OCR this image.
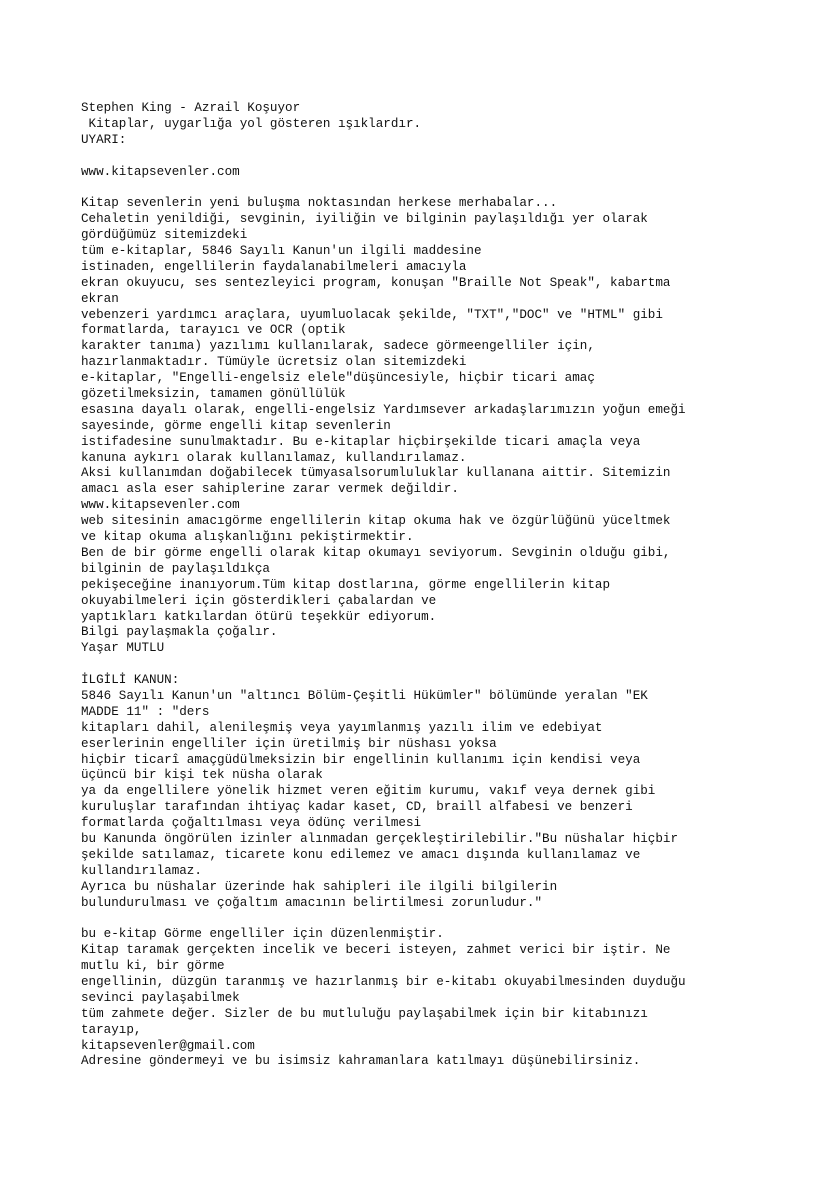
Stephen King - Azrail Koşuyor
Kitaplar, uygarlığa yol gösteren ışıklardır.
UYARI:
www.kitapsevenler.com
Kitap sevenlerin yeni buluşma noktasından herkese merhabalar...
Cehaletin yenildiği, sevginin, iyiliğin ve bilginin paylaşıldığı yer olarak
gördüğümüz sitemizdeki
tüm e-kitaplar, 5846 Sayılı Kanun'un ilgili maddesine
istinaden, engellilerin faydalanabilmeleri amacıyla
ekran okuyucu, ses sentezleyici program, konuşan "Braille Not Speak", kabartma
ekran
vebenzeri yardımcı araçlara, uyumluolacak şekilde, "TXT","DOC" ve "HTML" gibi
formatlarda, tarayıcı ve OCR (optik
karakter tanıma) yazılımı kullanılarak, sadece görmeengelliler için,
hazırlanmaktadır. Tümüyle ücretsiz olan sitemizdeki
e-kitaplar, "Engelli-engelsiz elele"düşüncesiyle, hiçbir ticari amaç
gözetilmeksizin, tamamen gönüllülük
esasına dayalı olarak, engelli-engelsiz Yardımsever arkadaşlarımızın yoğun emeği
sayesinde, görme engelli kitap sevenlerin
istifadesine sunulmaktadır. Bu e-kitaplar hiçbirşekilde ticari amaçla veya
kanuna aykırı olarak kullanılamaz, kullandırılamaz.
Aksi kullanımdan doğabilecek tümyasalsorumluluklar kullanana aittir. Sitemizin
amacı asla eser sahiplerine zarar vermek değildir.
www.kitapsevenler.com
web sitesinin amacıgörme engellilerin kitap okuma hak ve özgürlüğünü yüceltmek
ve kitap okuma alışkanlığını pekiştirmektir.
Ben de bir görme engelli olarak kitap okumayı seviyorum. Sevginin olduğu gibi,
bilginin de paylaşıldıkça
pekişeceğine inanıyorum.Tüm kitap dostlarına, görme engellilerin kitap
okuyabilmeleri için gösterdikleri çabalardan ve
yaptıkları katkılardan ötürü teşekkür ediyorum.
Bilgi paylaşmakla çoğalır.
Yaşar MUTLU
İLGİLİ KANUN:
5846 Sayılı Kanun'un "altıncı Bölüm-Çeşitli Hükümler" bölümünde yeralan "EK
MADDE 11" : "ders
kitapları dahil, alenileşmiş veya yayımlanmış yazılı ilim ve edebiyat
eserlerinin engelliler için üretilmiş bir nüshası yoksa
hiçbir ticarî amaçgüdülmeksizin bir engellinin kullanımı için kendisi veya
üçüncü bir kişi tek nüsha olarak
ya da engellilere yönelik hizmet veren eğitim kurumu, vakıf veya dernek gibi
kuruluşlar tarafından ihtiyaç kadar kaset, CD, braill alfabesi ve benzeri
formatlarda çoğaltılması veya ödünç verilmesi
bu Kanunda öngörülen izinler alınmadan gerçekleştirilebilir."Bu nüshalar hiçbir
şekilde satılamaz, ticarete konu edilemez ve amacı dışında kullanılamaz ve
kullandırılamaz.
Ayrıca bu nüshalar üzerinde hak sahipleri ile ilgili bilgilerin
bulundurulması ve çoğaltım amacının belirtilmesi zorunludur."
bu e-kitap Görme engelliler için düzenlenmiştir.
Kitap taramak gerçekten incelik ve beceri isteyen, zahmet verici bir iştir. Ne
mutlu ki, bir görme
engellinin, düzgün taranmış ve hazırlanmış bir e-kitabı okuyabilmesinden duyduğu
sevinci paylaşabilmek
tüm zahmete değer. Sizler de bu mutluluğu paylaşabilmek için bir kitabınızı
tarayıp,
kitapsevenler@gmail.com
Adresine göndermeyi ve bu isimsiz kahramanlara katılmayı düşünebilirsiniz.
